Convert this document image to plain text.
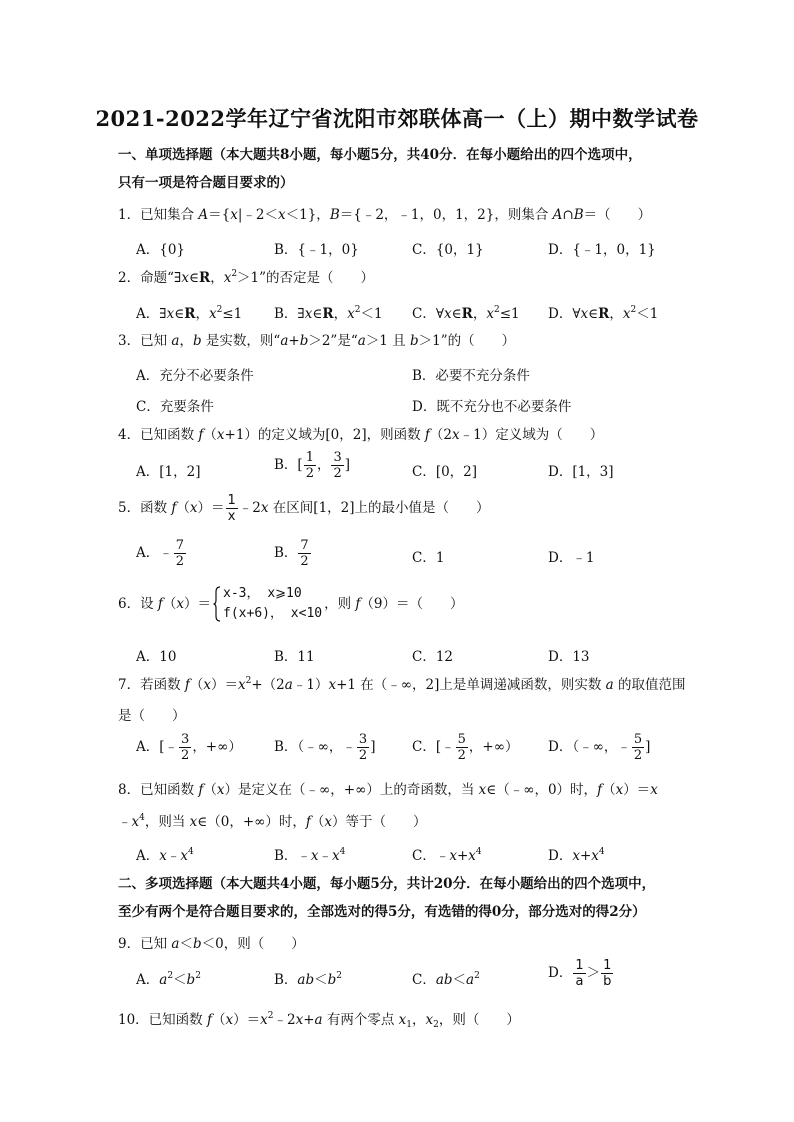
2021-2022学年辽宁省沈阳市郊联体高一（上）期中数学试卷
一、单项选择题（本大题共8小题，每小题5分，共40分．在每小题给出的四个选项中，
只有一项是符合题目要求的）
1．已知集合 A＝{x|﹣2＜x＜1}，B＝{﹣2，﹣1，0，1，2}，则集合 A∩B＝（　　）
A．{0}	B．{﹣1，0}	C．{0，1}	D．{﹣1，0，1}
2．命题“∃x∈R，$x^2>1$”的否定是（　　）
A．∃x∈R，$x^2\le 1$ B．∃x∈R，$x^2<1$ C．∀x∈R，$x^2\le 1$ D．∀x∈R，$x^2<1$
3．已知 a，b 是实数，则“a+b＞2”是“a＞1 且 b＞1”的（　　）
A．充分不必要条件	B．必要不充分条件
C．充要条件	D．既不充分也不必要条件
4．已知函数 f（x+1）的定义域为[0，2]，则函数 f（2x﹣1）定义域为（　　）
A．[1，2]	B．[ $\frac{1}{2}$ ， $\frac{3}{2}$ ]	C．[0，2]	D．[1，3]
5．函数 $f(x)= \frac{1}{x}$ ﹣2x 在区间[1，2]上的最小值是（　　）
A．﹣ $\frac{7}{2}$	B． $\frac{7}{2}$	C．1	D．﹣1
6．设 f（x）＝
x-3， x⩾10
f(x+6)， x<10
，则 f（9）＝（　　）
A．10	B．11	C．12	D．13
7．若函数 $f(x)=x^2+(2a﹣1)x+1$ 在（﹣∞，2]上是单调递减函数，则实数 a 的取值范围
是（　　）
A．[﹣ $\frac{3}{2}$ ，+∞） B．（﹣∞，﹣ $\frac{3}{2}$ ]	C．[﹣ $\frac{5}{2}$ ，+∞） D．（﹣∞，﹣ $\frac{5}{2}$ ]
8．已知函数 f（x）是定义在（﹣∞，+∞）上的奇函数，当 x∈（﹣∞，0）时，f（x）＝x
$﹣x^4$，则当 x∈（0，+∞）时，f（x）等于（　　）
A．$x﹣x^4$	B．$﹣x﹣x^4$	C．$﹣x+x^4$	D．$x+x^4$
二、多项选择题（本大题共4小题，每小题5分，共计20分．在每小题给出的四个选项中，
至少有两个是符合题目要求的，全部选对的得5分，有选错的得0分，部分选对的得2分）
9．已知 a＜b＜0，则（　　）
A．$a^2<b^2$	B．$ab<b^2$	C．$ab<a^2$	D． $\frac{1}{a} > \frac{1}{b}$
10．已知函数 $f(x)=x^2﹣2x+a$ 有两个零点 $x_1$，$x_2$，则（　　）
